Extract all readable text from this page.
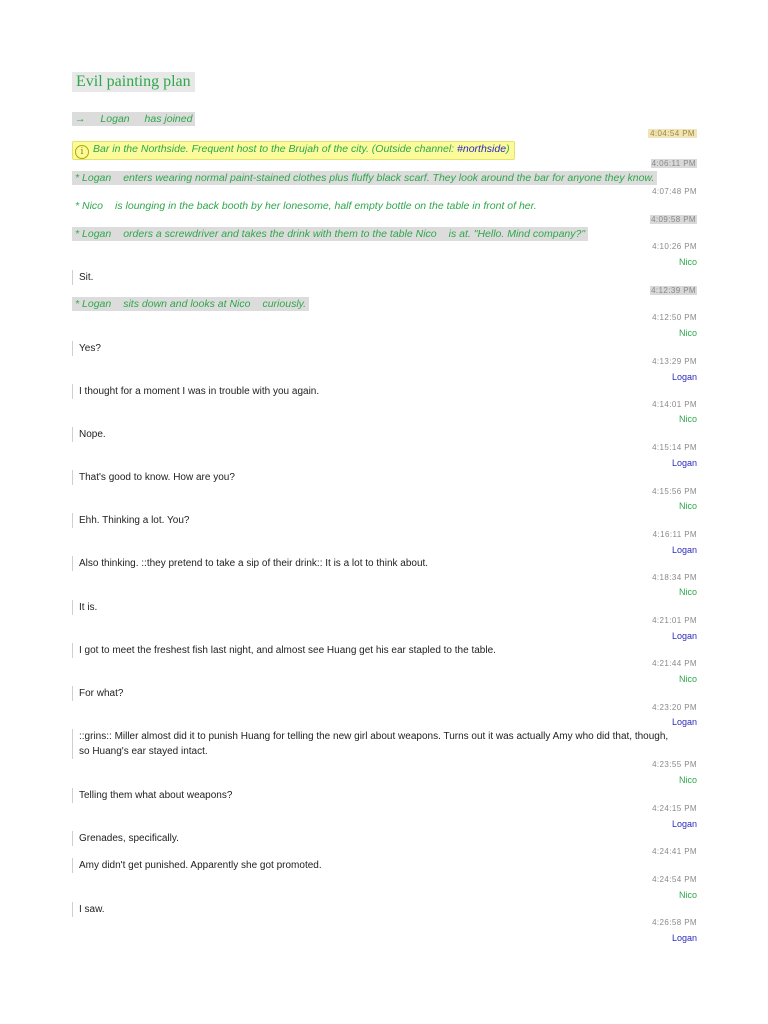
Evil painting plan
→ Logan has joined
4:04:54 PM
i Bar in the Northside. Frequent host to the Brujah of the city. (Outside channel: #northside)
4:06:11 PM
* Logan enters wearing normal paint-stained clothes plus fluffy black scarf. They look around the bar for anyone they know.
4:07:48 PM
* Nico is lounging in the back booth by her lonesome, half empty bottle on the table in front of her.
4:09:58 PM
* Logan orders a screwdriver and takes the drink with them to the table Nico is at. "Hello. Mind company?"
Sit.
4:10:26 PM
Nico
Yes?
4:12:50 PM
Nico
I thought for a moment I was in trouble with you again.
4:13:29 PM
Logan
Nope.
4:14:01 PM
Nico
That's good to know. How are you?
4:15:14 PM
Logan
Ehh. Thinking a lot. You?
4:15:56 PM
Nico
Also thinking. ::they pretend to take a sip of their drink:: It is a lot to think about.
4:16:11 PM
Logan
It is.
4:18:34 PM
Nico
I got to meet the freshest fish last night, and almost see Huang get his ear stapled to the table.
4:21:01 PM
Logan
For what?
4:21:44 PM
Nico
::grins:: Miller almost did it to punish Huang for telling the new girl about weapons. Turns out it was actually Amy who did that, though, so Huang's ear stayed intact.
4:23:20 PM
Logan
Telling them what about weapons?
4:23:55 PM
Nico
Grenades, specifically.
4:24:15 PM
Logan
Amy didn't get punished. Apparently she got promoted.
4:24:41 PM
I saw.
4:24:54 PM
Nico
4:26:58 PM
Logan
* Logan sits down and looks at Nico curiously.
4:12:39 PM
